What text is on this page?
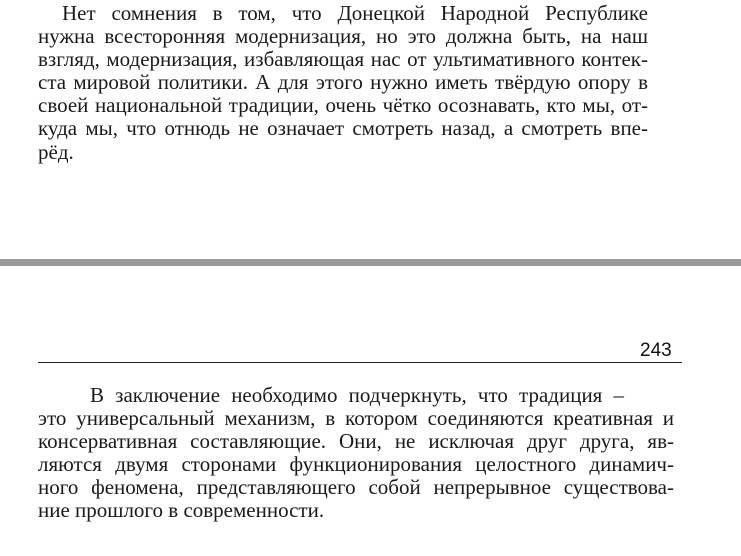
Нет сомнения в том, что Донецкой Народной Республике
нужна всесторонняя модернизация, но это должна быть, на наш
взгляд, модернизация, избавляющая нас от ультимативного контек-
ста мировой политики. А для этого нужно иметь твёрдую опору в
своей национальной традиции, очень чётко осознавать, кто мы, от-
куда мы, что отнюдь не означает смотреть назад, а смотреть впе-
рёд.
243
В заключение необходимо подчеркнуть, что традиция –
это универсальный механизм, в котором соединяются креативная и
консервативная составляющие. Они, не исключая друг друга, яв-
ляются двумя сторонами функционирования целостного динамич-
ного феномена, представляющего собой непрерывное существова-
ние прошлого в современности.
